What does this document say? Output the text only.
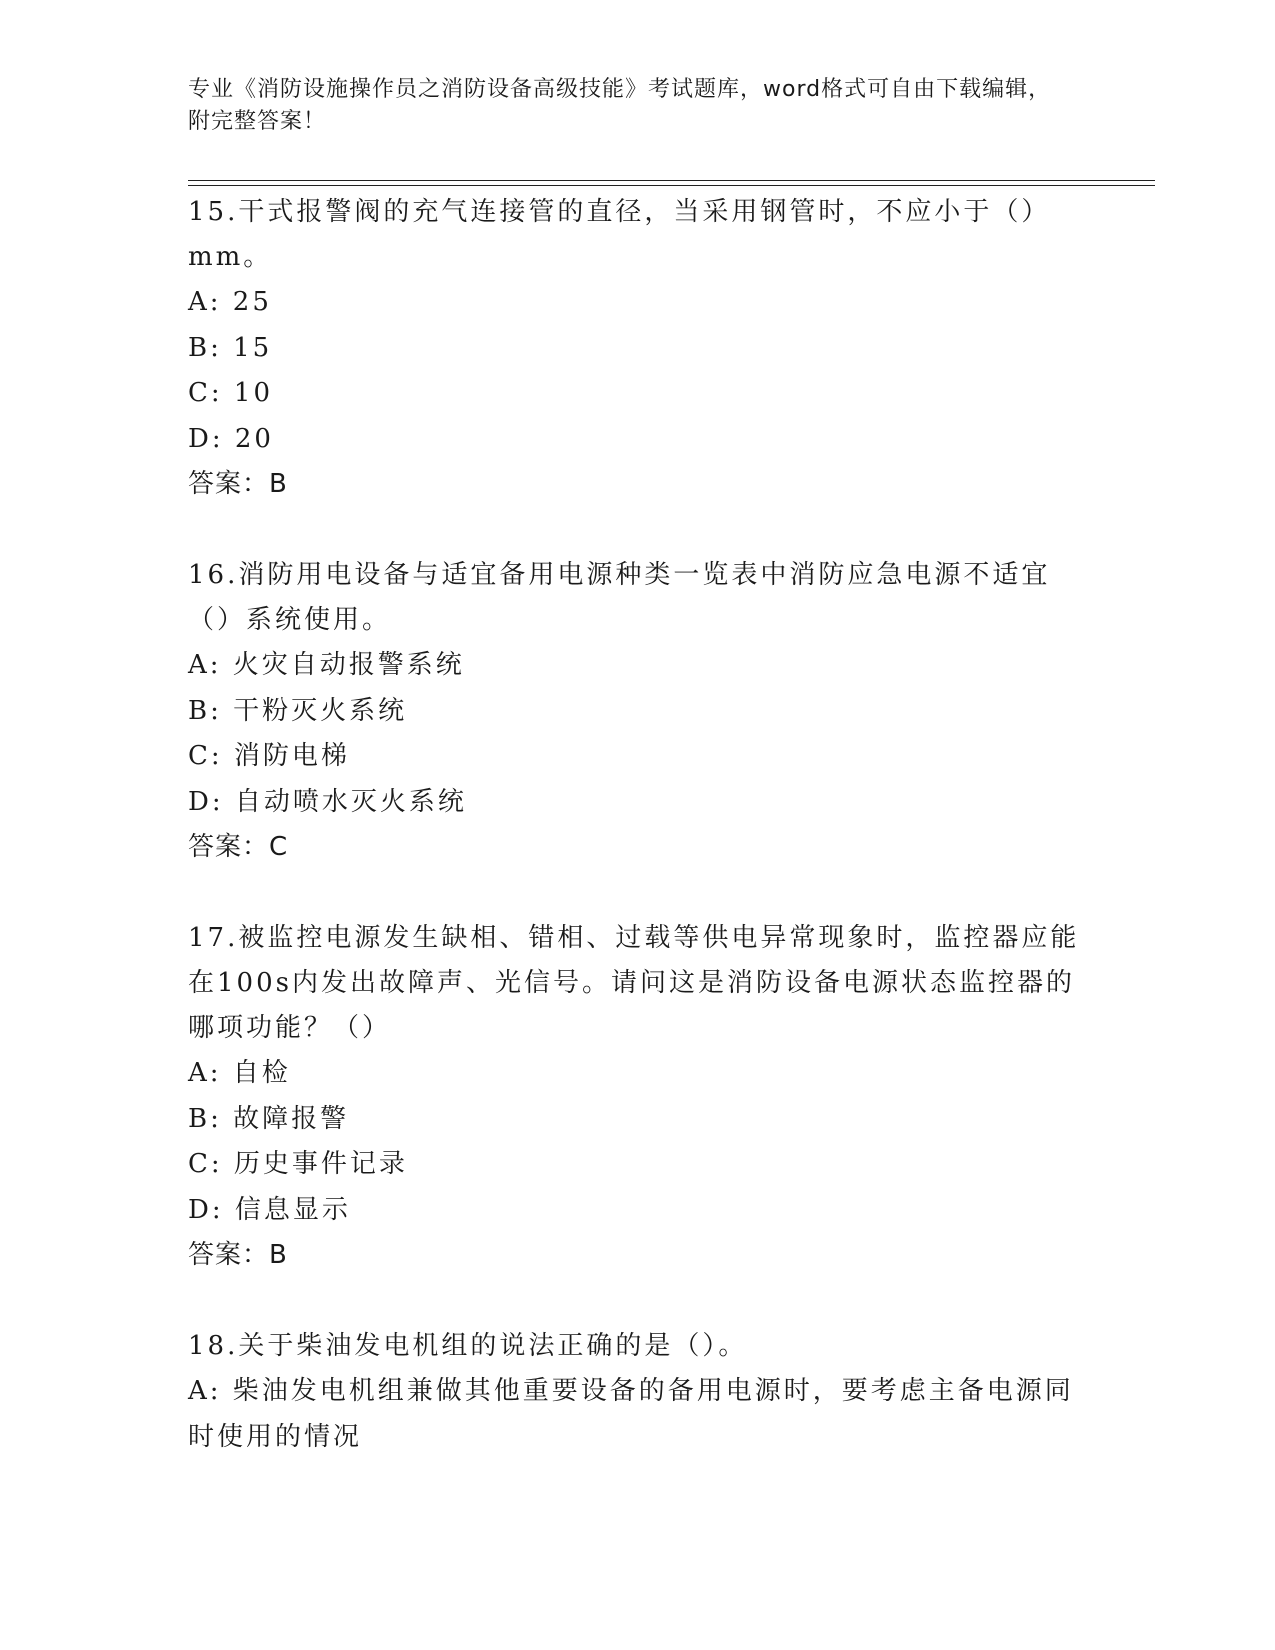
专业《消防设施操作员之消防设备高级技能》考试题库，word格式可自由下载编辑，附完整答案！

15.干式报警阀的充气连接管的直径，当采用钢管时，不应小于（）mm。

A: 25

B: 15

C: 10

D: 20

答案：B

16.消防用电设备与适宜备用电源种类一览表中消防应急电源不适宜（）系统使用。

A: 火灾自动报警系统

B: 干粉灭火系统

C: 消防电梯

D: 自动喷水灭火系统

答案：C

17.被监控电源发生缺相、错相、过载等供电异常现象时，监控器应能在100s内发出故障声、光信号。请问这是消防设备电源状态监控器的哪项功能？（）

A: 自检

B: 故障报警

C: 历史事件记录

D: 信息显示

答案：B

18.关于柴油发电机组的说法正确的是（）。

A: 柴油发电机组兼做其他重要设备的备用电源时，要考虑主备电源同时使用的情况
